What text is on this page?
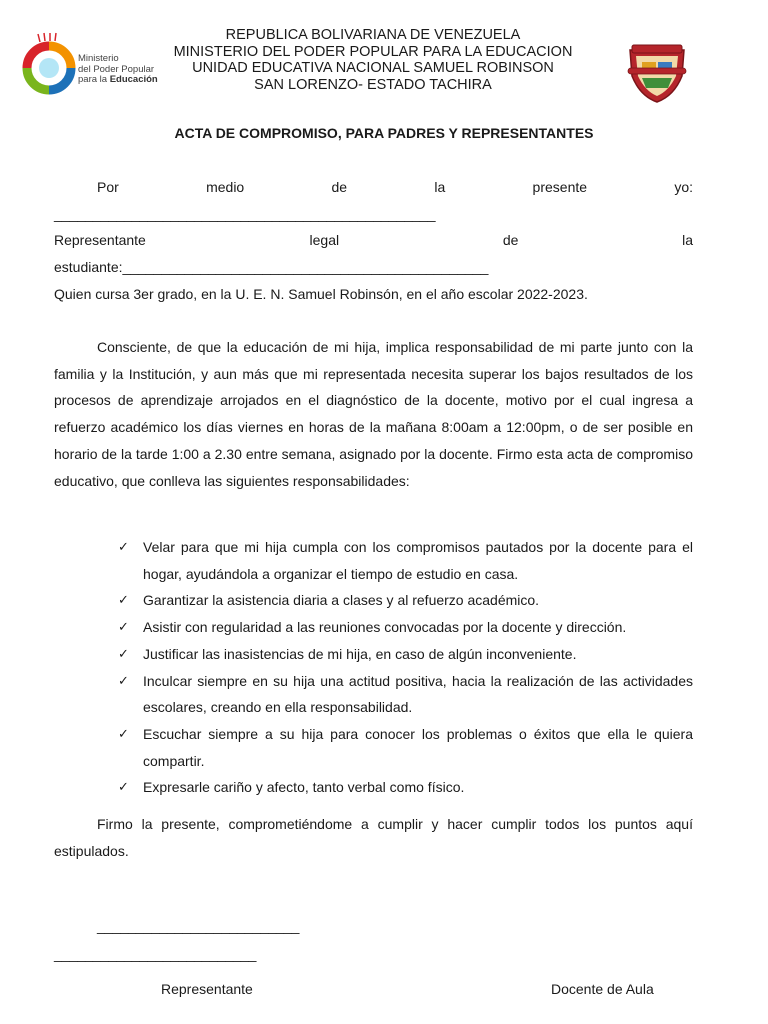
Ministerio
del Poder Popular
para la Educación
REPUBLICA BOLIVARIANA DE VENEZUELA
MINISTERIO DEL PODER POPULAR PARA LA EDUCACION
UNIDAD EDUCATIVA NACIONAL SAMUEL ROBINSON
SAN LORENZO- ESTADO TACHIRA
ACTA DE COMPROMISO, PARA PADRES Y REPRESENTANTES
Por	medio	de	la	presente	yo:
_________________________________________________
Representante	legal	de	la
estudiante:_______________________________________________
Quien cursa 3er grado, en la U. E. N. Samuel Robinsón, en el año escolar 2022-2023.
Consciente, de que la educación de mi hija, implica responsabilidad de mi parte junto con la familia y la Institución, y aun más que mi representada necesita superar los bajos resultados de los procesos de aprendizaje arrojados en el diagnóstico de la docente, motivo por el cual ingresa a refuerzo académico los días viernes en horas de la mañana 8:00am a 12:00pm, o de ser posible en horario de la tarde 1:00 a 2.30 entre semana, asignado por la docente. Firmo esta acta de compromiso educativo, que conlleva las siguientes responsabilidades:
✓ Velar para que mi hija cumpla con los compromisos pautados por la docente para el hogar, ayudándola a organizar el tiempo de estudio en casa.
✓ Garantizar la asistencia diaria a clases y al refuerzo académico.
✓ Asistir con regularidad a las reuniones convocadas por la docente y dirección.
✓ Justificar las inasistencias de mi hija, en caso de algún inconveniente.
✓ Inculcar siempre en su hija una actitud positiva, hacia la realización de las actividades escolares, creando en ella responsabilidad.
✓ Escuchar siempre a su hija para conocer los problemas o éxitos que ella le quiera compartir.
✓ Expresarle cariño y afecto, tanto verbal como físico.
Firmo la presente, comprometiéndome a cumplir y hacer cumplir todos los puntos aquí estipulados.
__________________________
__________________________
Representante	Docente de Aula
